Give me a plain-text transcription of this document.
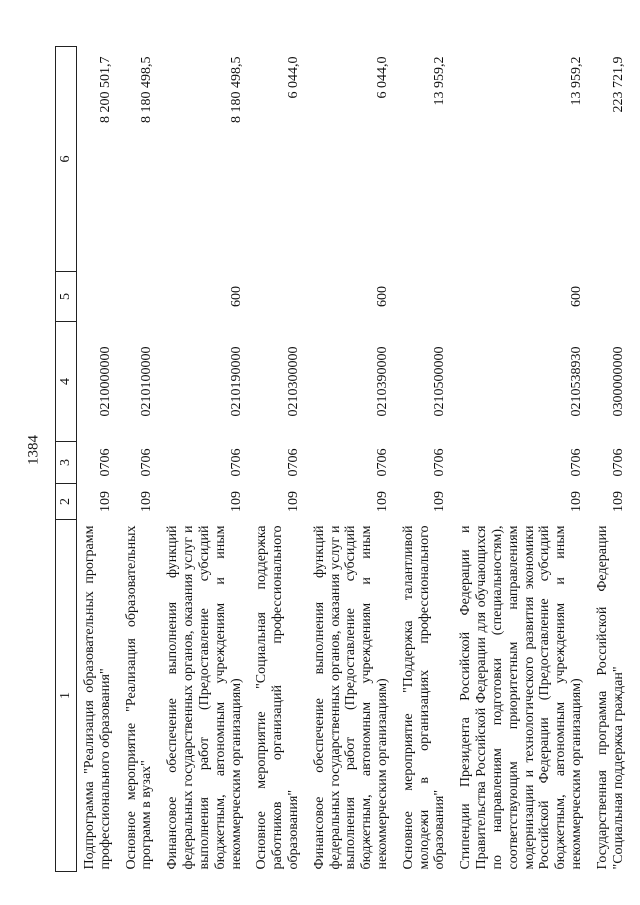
1384
1	2	3	4	5	6
Подпрограмма "Реализация образовательных программ профессионального образования"	109	0706	0210000000		8 200 501,7
Основное мероприятие "Реализация образовательных программ в вузах"	109	0706	0210100000		8 180 498,5
Финансовое обеспечение выполнения функций федеральных государственных органов, оказания услуг и выполнения работ (Предоставление субсидий бюджетным, автономным учреждениям и иным некоммерческим организациям)	109	0706	0210190000	600	8 180 498,5
Основное мероприятие "Социальная поддержка работников организаций профессионального образования"	109	0706	0210300000		6 044,0
Финансовое обеспечение выполнения функций федеральных государственных органов, оказания услуг и выполнения работ (Предоставление субсидий бюджетным, автономным учреждениям и иным некоммерческим организациям)	109	0706	0210390000	600	6 044,0
Основное мероприятие "Поддержка талантливой молодежи в организациях профессионального образования"	109	0706	0210500000		13 959,2
Стипендии Президента Российской Федерации и Правительства Российской Федерации для обучающихся по направлениям подготовки (специальностям), соответствующим приоритетным направлениям модернизации и технологического развития экономики Российской Федерации (Предоставление субсидий бюджетным, автономным учреждениям и иным некоммерческим организациям)	109	0706	0210538930	600	13 959,2
Государственная программа Российской Федерации "Социальная поддержка граждан"	109	0706	0300000000		223 721,9
